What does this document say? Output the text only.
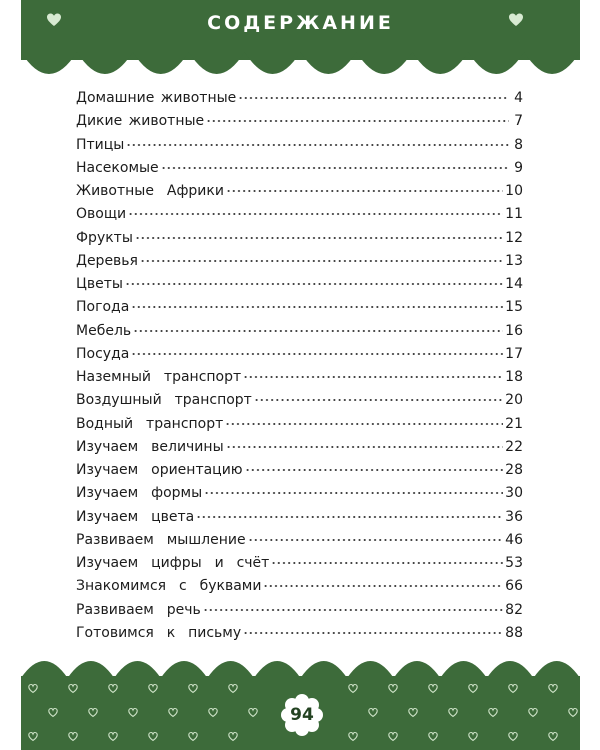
СОДЕРЖАНИЕ
Домашние животные	4
Дикие животные	7
Птицы	8
Насекомые	9
Животные  Африки	10
Овощи	11
Фрукты	12
Деревья	13
Цветы	14
Погода	15
Мебель	16
Посуда	17
Наземный  транспорт	18
Воздушный  транспорт	20
Водный  транспорт	21
Изучаем  величины	22
Изучаем  ориентацию	28
Изучаем  формы	30
Изучаем  цвета	36
Развиваем  мышление	46
Изучаем  цифры  и  счёт	53
Знакомимся  с  буквами	66
Развиваем  речь	82
Готовимся  к  письму	88
94
